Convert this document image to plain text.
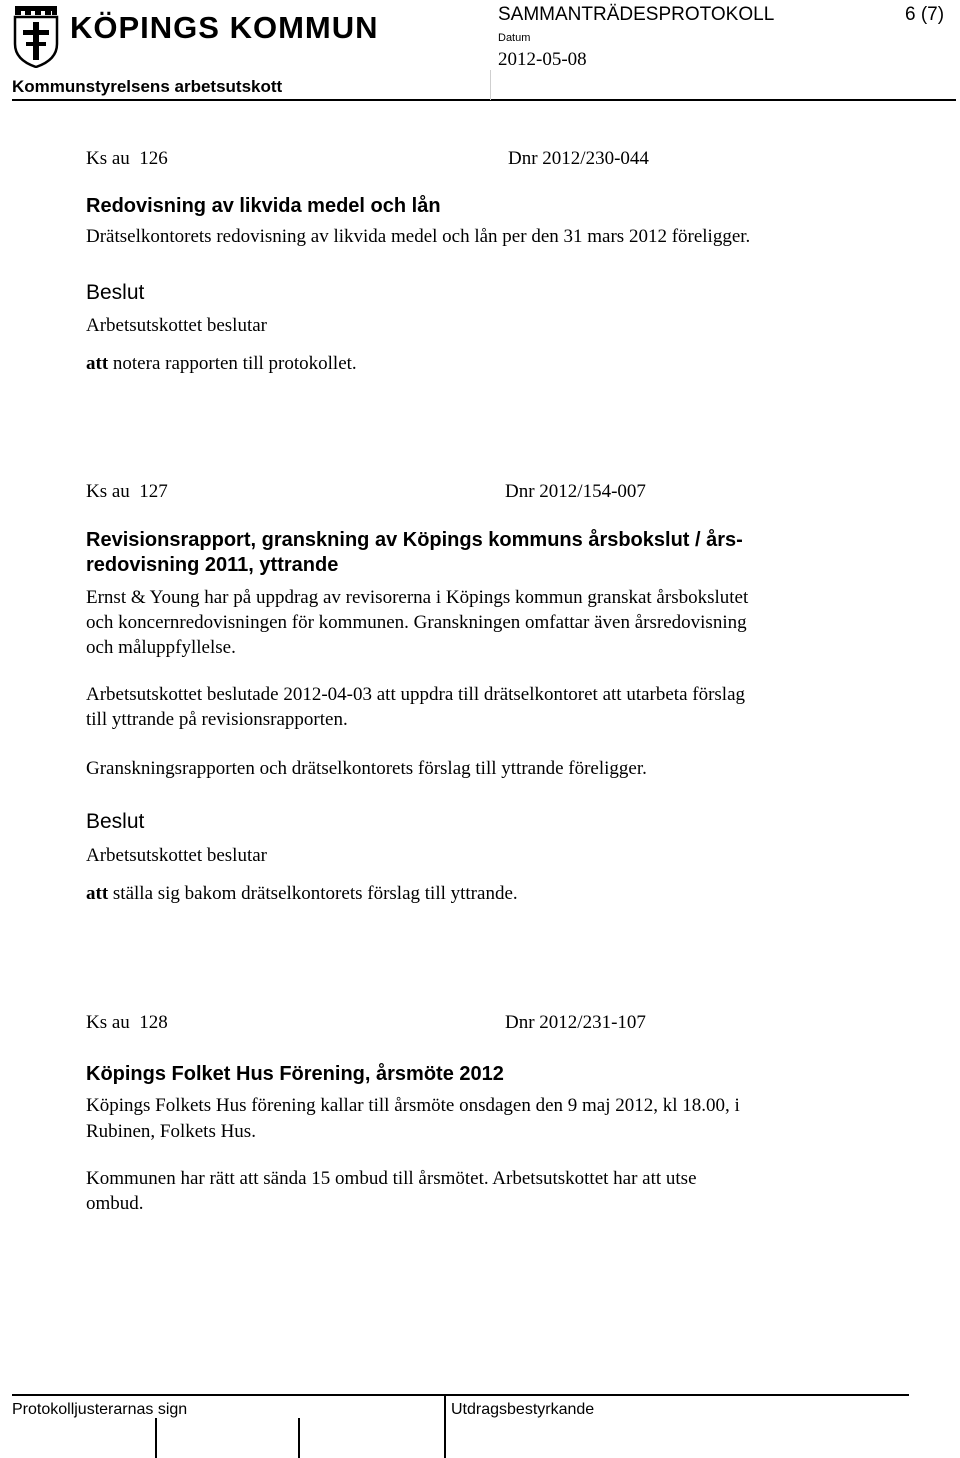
KÖPINGS KOMMUN	SAMMANTRÄDESPROTOKOLL	6 (7)
Datum
2012-05-08
Kommunstyrelsens arbetsutskott
Ks au  126	Dnr 2012/230-044
Redovisning av likvida medel och lån
Drätselkontorets redovisning av likvida medel och lån per den 31 mars 2012 föreligger.
Beslut
Arbetsutskottet beslutar
att notera rapporten till protokollet.
Ks au  127	Dnr 2012/154-007
Revisionsrapport, granskning av Köpings kommuns årsbokslut / års-
redovisning 2011, yttrande
Ernst & Young har på uppdrag av revisorerna i Köpings kommun granskat årsbokslutet
och koncernredovisningen för kommunen. Granskningen omfattar även årsredovisning
och måluppfyllelse.
Arbetsutskottet beslutade 2012-04-03 att uppdra till drätselkontoret att utarbeta förslag
till yttrande på revisionsrapporten.
Granskningsrapporten och drätselkontorets förslag till yttrande föreligger.
Beslut
Arbetsutskottet beslutar
att ställa sig bakom drätselkontorets förslag till yttrande.
Ks au  128	Dnr 2012/231-107
Köpings Folket Hus Förening, årsmöte 2012
Köpings Folkets Hus förening kallar till årsmöte onsdagen den 9 maj 2012, kl 18.00, i
Rubinen, Folkets Hus.
Kommunen har rätt att sända 15 ombud till årsmötet. Arbetsutskottet har att utse
ombud.
Protokolljusterarnas sign	Utdragsbestyrkande
